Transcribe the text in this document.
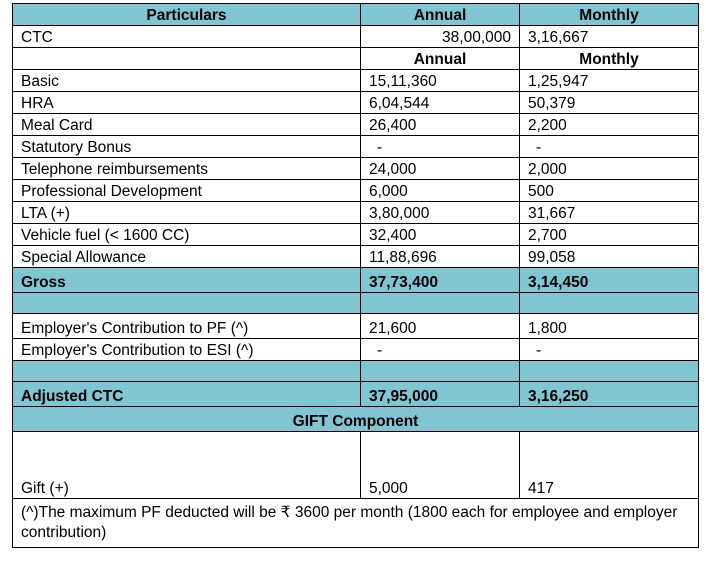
Particulars	Annual	Monthly
CTC	38,00,000	3,16,667
	Annual	Monthly
Basic	15,11,360	1,25,947
HRA	6,04,544	50,379
Meal Card	26,400	2,200
Statutory Bonus	-	-
Telephone reimbursements	24,000	2,000
Professional Development	6,000	500
LTA (+)	3,80,000	31,667
Vehicle fuel (< 1600 CC)	32,400	2,700
Special Allowance	11,88,696	99,058
Gross	37,73,400	3,14,450

Employer's Contribution to PF (^)	21,600	1,800
Employer's Contribution to ESI (^)	-	-

Adjusted CTC	37,95,000	3,16,250
GIFT Component		
Gift (+)	5,000	417
(^)The maximum PF deducted will be ₹ 3600 per month (1800 each for employee and employer contribution)		
